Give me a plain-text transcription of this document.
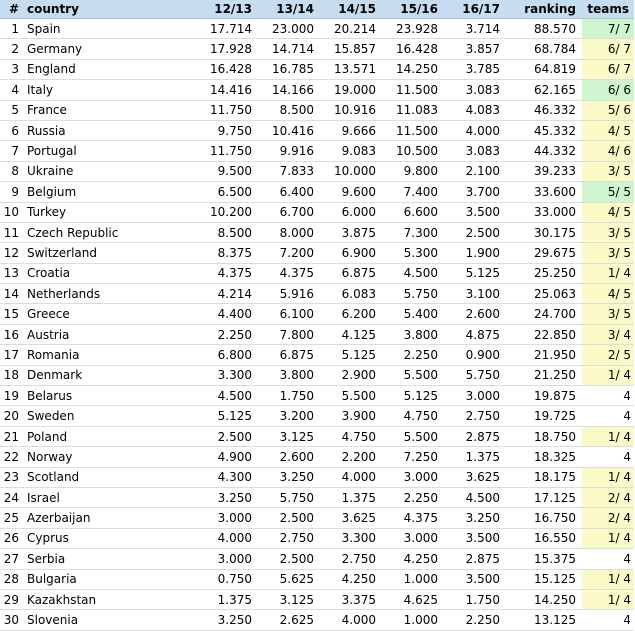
#	country	12/13	13/14	14/15	15/16	16/17	ranking	teams
1	Spain	17.714	23.000	20.214	23.928	3.714	88.570	7/ 7
2	Germany	17.928	14.714	15.857	16.428	3.857	68.784	6/ 7
3	England	16.428	16.785	13.571	14.250	3.785	64.819	6/ 7
4	Italy	14.416	14.166	19.000	11.500	3.083	62.165	6/ 6
5	France	11.750	8.500	10.916	11.083	4.083	46.332	5/ 6
6	Russia	9.750	10.416	9.666	11.500	4.000	45.332	4/ 5
7	Portugal	11.750	9.916	9.083	10.500	3.083	44.332	4/ 6
8	Ukraine	9.500	7.833	10.000	9.800	2.100	39.233	3/ 5
9	Belgium	6.500	6.400	9.600	7.400	3.700	33.600	5/ 5
10	Turkey	10.200	6.700	6.000	6.600	3.500	33.000	4/ 5
11	Czech Republic	8.500	8.000	3.875	7.300	2.500	30.175	3/ 5
12	Switzerland	8.375	7.200	6.900	5.300	1.900	29.675	3/ 5
13	Croatia	4.375	4.375	6.875	4.500	5.125	25.250	1/ 4
14	Netherlands	4.214	5.916	6.083	5.750	3.100	25.063	4/ 5
15	Greece	4.400	6.100	6.200	5.400	2.600	24.700	3/ 5
16	Austria	2.250	7.800	4.125	3.800	4.875	22.850	3/ 4
17	Romania	6.800	6.875	5.125	2.250	0.900	21.950	2/ 5
18	Denmark	3.300	3.800	2.900	5.500	5.750	21.250	1/ 4
19	Belarus	4.500	1.750	5.500	5.125	3.000	19.875	4
20	Sweden	5.125	3.200	3.900	4.750	2.750	19.725	4
21	Poland	2.500	3.125	4.750	5.500	2.875	18.750	1/ 4
22	Norway	4.900	2.600	2.200	7.250	1.375	18.325	4
23	Scotland	4.300	3.250	4.000	3.000	3.625	18.175	1/ 4
24	Israel	3.250	5.750	1.375	2.250	4.500	17.125	2/ 4
25	Azerbaijan	3.000	2.500	3.625	4.375	3.250	16.750	2/ 4
26	Cyprus	4.000	2.750	3.300	3.000	3.500	16.550	1/ 4
27	Serbia	3.000	2.500	2.750	4.250	2.875	15.375	4
28	Bulgaria	0.750	5.625	4.250	1.000	3.500	15.125	1/ 4
29	Kazakhstan	1.375	3.125	3.375	4.625	1.750	14.250	1/ 4
30	Slovenia	3.250	2.625	4.000	1.000	2.250	13.125	4
